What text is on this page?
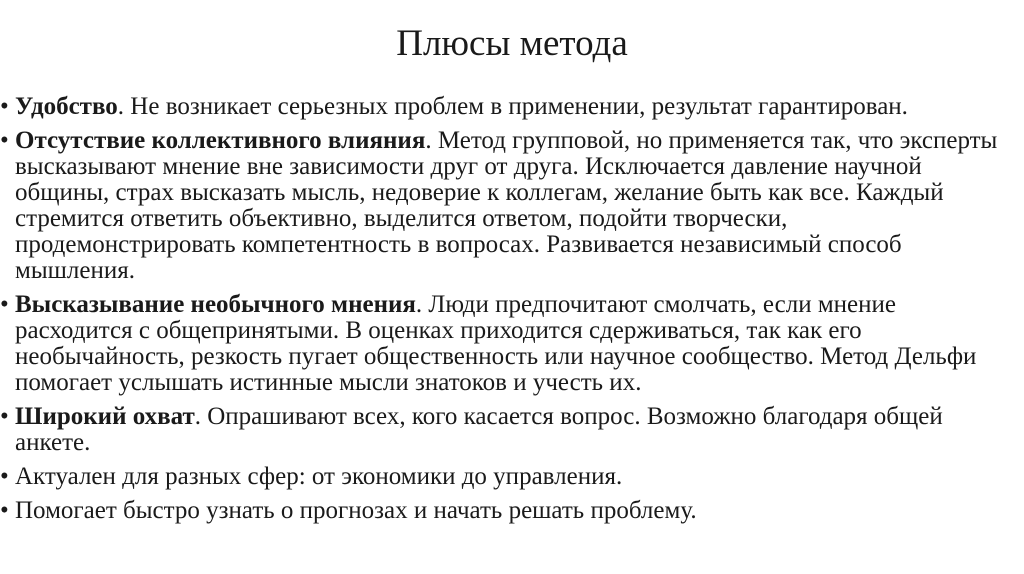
Плюсы метода
• Удобство. Не возникает серьезных проблем в применении, результат гарантирован.
• Отсутствие коллективного влияния. Метод групповой, но применяется так, что эксперты высказывают мнение вне зависимости друг от друга. Исключается давление научной общины, страх высказать мысль, недоверие к коллегам, желание быть как все. Каждый стремится ответить объективно, выделится ответом, подойти творчески, продемонстрировать компетентность в вопросах. Развивается независимый способ мышления.
• Высказывание необычного мнения. Люди предпочитают смолчать, если мнение расходится с общепринятыми. В оценках приходится сдерживаться, так как его необычайность, резкость пугает общественность или научное сообщество. Метод Дельфи помогает услышать истинные мысли знатоков и учесть их.
• Широкий охват. Опрашивают всех, кого касается вопрос. Возможно благодаря общей анкете.
• Актуален для разных сфер: от экономики до управления.
• Помогает быстро узнать о прогнозах и начать решать проблему.
